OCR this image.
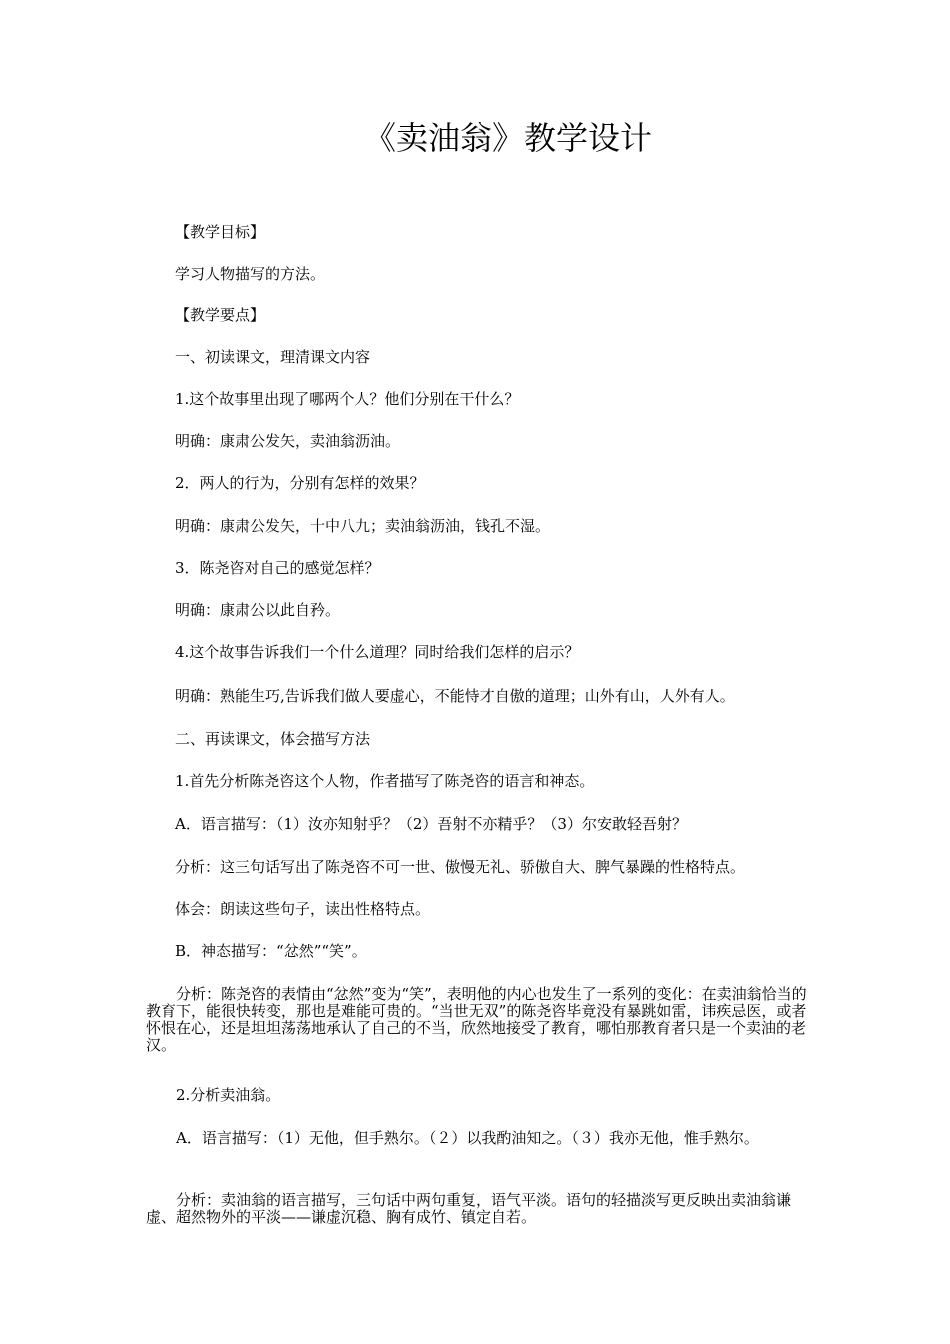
《卖油翁》教学设计
【教学目标】
学习人物描写的方法。
【教学要点】
一、初读课文，理清课文内容
1.这个故事里出现了哪两个人？他们分别在干什么？
明确：康肃公发矢，卖油翁沥油。
2．两人的行为，分别有怎样的效果？
明确：康肃公发矢，十中八九；卖油翁沥油，钱孔不湿。
3．陈尧咨对自己的感觉怎样？
明确：康肃公以此自矜。
4.这个故事告诉我们一个什么道理？同时给我们怎样的启示？
明确：熟能生巧,告诉我们做人要虚心，不能恃才自傲的道理；山外有山，人外有人。
二、再读课文，体会描写方法
1.首先分析陈尧咨这个人物，作者描写了陈尧咨的语言和神态。
A．语言描写：（1）汝亦知射乎？（2）吾射不亦精乎？（3）尔安敢轻吾射？
分析：这三句话写出了陈尧咨不可一世、傲慢无礼、骄傲自大、脾气暴躁的性格特点。
体会：朗读这些句子，读出性格特点。
B．神态描写：“忿然”“笑”。
分析：陈尧咨的表情由“忿然”变为“笑”，表明他的内心也发生了一系列的变化：在卖油翁恰当的教育下，能很快转变，那也是难能可贵的。“当世无双”的陈尧咨毕竟没有暴跳如雷，讳疾忌医，或者怀恨在心，还是坦坦荡荡地承认了自己的不当，欣然地接受了教育，哪怕那教育者只是一个卖油的老汉。
2.分析卖油翁。
A．语言描写：（1）无他，但手熟尔。（２）以我酌油知之。（３）我亦无他，惟手熟尔。
分析：卖油翁的语言描写，三句话中两句重复，语气平淡。语句的轻描淡写更反映出卖油翁谦虚、超然物外的平淡——谦虚沉稳、胸有成竹、镇定自若。
